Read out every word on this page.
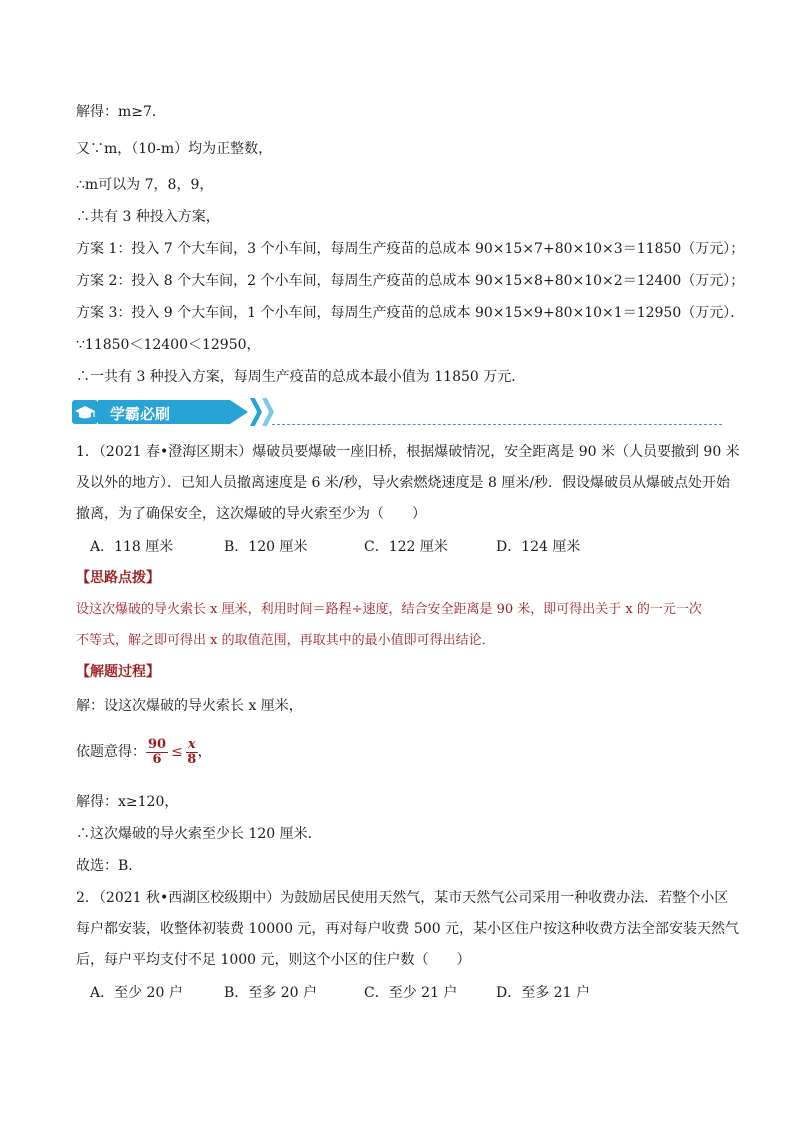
解得：m≥7．
又∵m，（10-m）均为正整数，
∴m可以为 7，8，9，
∴共有 3 种投入方案，
方案 1：投入 7 个大车间，3 个小车间，每周生产疫苗的总成本 90×15×7+80×10×3＝11850（万元）；
方案 2：投入 8 个大车间，2 个小车间，每周生产疫苗的总成本 90×15×8+80×10×2＝12400（万元）；
方案 3：投入 9 个大车间，1 个小车间，每周生产疫苗的总成本 90×15×9+80×10×1＝12950（万元）．
∵11850＜12400＜12950，
∴一共有 3 种投入方案，每周生产疫苗的总成本最小值为 11850 万元．
学霸必刷
1．（2021 春•澄海区期末）爆破员要爆破一座旧桥，根据爆破情况，安全距离是 90 米（人员要撤到 90 米
及以外的地方）．已知人员撤离速度是 6 米/秒，导火索燃烧速度是 8 厘米/秒．假设爆破员从爆破点处开始
撤离，为了确保安全，这次爆破的导火索至少为（　　）
A．118 厘米	B．120 厘米	C．122 厘米	D．124 厘米
【思路点拨】
设这次爆破的导火索长 x 厘米，利用时间＝路程÷速度，结合安全距离是 90 米，即可得出关于 x 的一元一次
不等式，解之即可得出 x 的取值范围，再取其中的最小值即可得出结论．
【解题过程】
解：设这次爆破的导火索长 x 厘米，
依题意得： $\frac{90}{6} \le \frac{x}{8}$ ，
解得：x≥120，
∴这次爆破的导火索至少长 120 厘米．
故选：B．
2．（2021 秋•西湖区校级期中）为鼓励居民使用天然气，某市天然气公司采用一种收费办法．若整个小区
每户都安装，收整体初装费 10000 元，再对每户收费 500 元，某小区住户按这种收费方法全部安装天然气
后，每户平均支付不足 1000 元，则这个小区的住户数（　　）
A．至少 20 户	B．至多 20 户	C．至少 21 户	D．至多 21 户
